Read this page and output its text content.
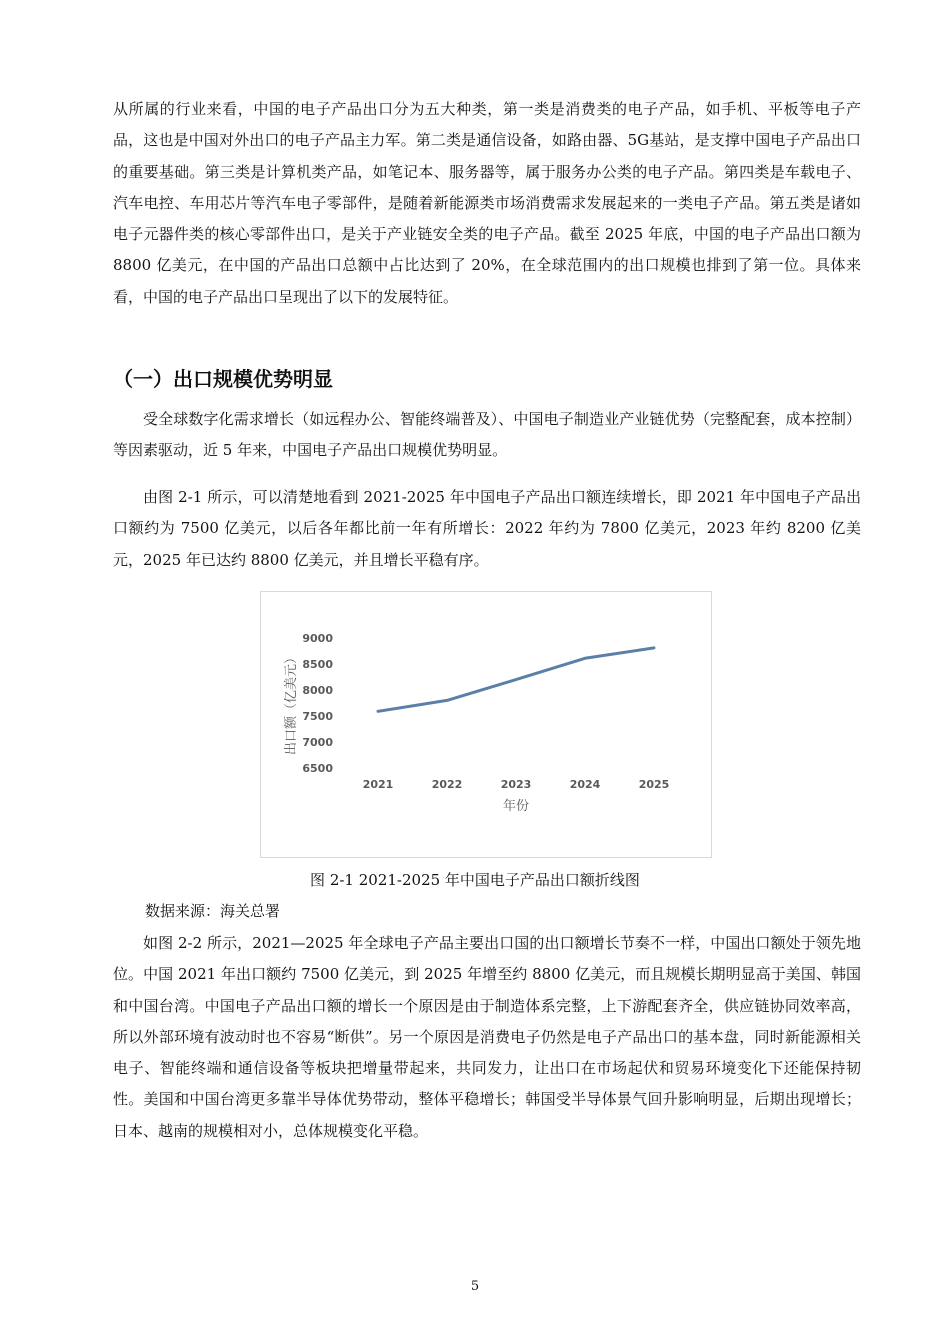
从所属的行业来看，中国的电子产品出口分为五大种类，第一类是消费类的电子产品，如手机、平板等电子产品，这也是中国对外出口的电子产品主力军。第二类是通信设备，如路由器、5G基站，是支撑中国电子产品出口的重要基础。第三类是计算机类产品，如笔记本、服务器等，属于服务办公类的电子产品。第四类是车载电子、汽车电控、车用芯片等汽车电子零部件，是随着新能源类市场消费需求发展起来的一类电子产品。第五类是诸如电子元器件类的核心零部件出口，是关于产业链安全类的电子产品。截至 2025 年底，中国的电子产品出口额为 8800 亿美元，在中国的产品出口总额中占比达到了 20%，在全球范围内的出口规模也排到了第一位。具体来看，中国的电子产品出口呈现出了以下的发展特征。

（一）出口规模优势明显

受全球数字化需求增长（如远程办公、智能终端普及）、中国电子制造业产业链优势（完整配套，成本控制）等因素驱动，近 5 年来，中国电子产品出口规模优势明显。

由图 2-1 所示，可以清楚地看到 2021-2025 年中国电子产品出口额连续增长，即 2021 年中国电子产品出口额约为 7500 亿美元，以后各年都比前一年有所增长：2022 年约为 7800 亿美元，2023 年约 8200 亿美元，2025 年已达约 8800 亿美元，并且增长平稳有序。

6500
7000
7500
8000
8500
9000
2021	2022	2023	2024	2025
出口额（亿美元）
年份

图 2-1 2021-2025 年中国电子产品出口额折线图

数据来源：海关总署

如图 2-2 所示，2021—2025 年全球电子产品主要出口国的出口额增长节奏不一样，中国出口额处于领先地位。中国 2021 年出口额约 7500 亿美元，到 2025 年增至约 8800 亿美元，而且规模长期明显高于美国、韩国和中国台湾。中国电子产品出口额的增长一个原因是由于制造体系完整，上下游配套齐全，供应链协同效率高，所以外部环境有波动时也不容易“断供”。另一个原因是消费电子仍然是电子产品出口的基本盘，同时新能源相关电子、智能终端和通信设备等板块把增量带起来，共同发力，让出口在市场起伏和贸易环境变化下还能保持韧性。美国和中国台湾更多靠半导体优势带动，整体平稳增长；韩国受半导体景气回升影响明显，后期出现增长；日本、越南的规模相对小，总体规模变化平稳。

5
